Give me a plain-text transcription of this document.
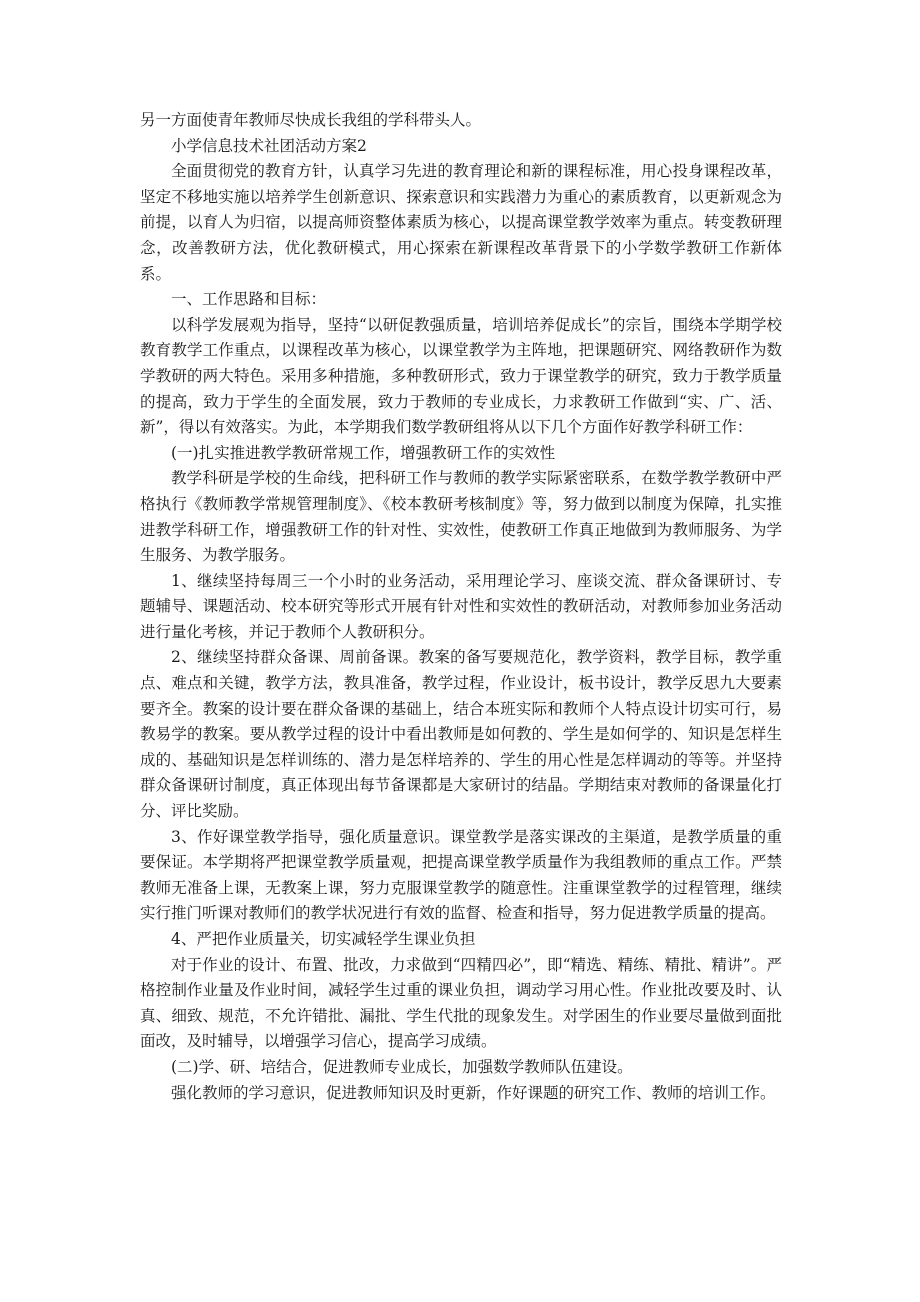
另一方面使青年教师尽快成长我组的学科带头人。

小学信息技术社团活动方案2

全面贯彻党的教育方针，认真学习先进的教育理论和新的课程标准，用心投身课程改革，坚定不移地实施以培养学生创新意识、探索意识和实践潜力为重心的素质教育，以更新观念为前提，以育人为归宿，以提高师资整体素质为核心，以提高课堂教学效率为重点。转变教研理念，改善教研方法，优化教研模式，用心探索在新课程改革背景下的小学数学教研工作新体系。

一、工作思路和目标：

以科学发展观为指导，坚持“以研促教强质量，培训培养促成长”的宗旨，围绕本学期学校教育教学工作重点，以课程改革为核心，以课堂教学为主阵地，把课题研究、网络教研作为数学教研的两大特色。采用多种措施，多种教研形式，致力于课堂教学的研究，致力于教学质量的提高，致力于学生的全面发展，致力于教师的专业成长，力求教研工作做到“实、广、活、新”，得以有效落实。为此，本学期我们数学教研组将从以下几个方面作好教学科研工作：

(一)扎实推进教学教研常规工作，增强教研工作的实效性

教学科研是学校的生命线，把科研工作与教师的教学实际紧密联系，在数学教学教研中严格执行《教师教学常规管理制度》、《校本教研考核制度》等，努力做到以制度为保障，扎实推进教学科研工作，增强教研工作的针对性、实效性，使教研工作真正地做到为教师服务、为学生服务、为教学服务。

1、继续坚持每周三一个小时的业务活动，采用理论学习、座谈交流、群众备课研讨、专题辅导、课题活动、校本研究等形式开展有针对性和实效性的教研活动，对教师参加业务活动进行量化考核，并记于教师个人教研积分。

2、继续坚持群众备课、周前备课。教案的备写要规范化，教学资料，教学目标，教学重点、难点和关键，教学方法，教具准备，教学过程，作业设计，板书设计，教学反思九大要素要齐全。教案的设计要在群众备课的基础上，结合本班实际和教师个人特点设计切实可行，易教易学的教案。要从教学过程的设计中看出教师是如何教的、学生是如何学的、知识是怎样生成的、基础知识是怎样训练的、潜力是怎样培养的、学生的用心性是怎样调动的等等。并坚持群众备课研讨制度，真正体现出每节备课都是大家研讨的结晶。学期结束对教师的备课量化打分、评比奖励。

3、作好课堂教学指导，强化质量意识。课堂教学是落实课改的主渠道，是教学质量的重要保证。本学期将严把课堂教学质量观，把提高课堂教学质量作为我组教师的重点工作。严禁教师无准备上课，无教案上课，努力克服课堂教学的随意性。注重课堂教学的过程管理，继续实行推门听课对教师们的教学状况进行有效的监督、检查和指导，努力促进教学质量的提高。

4、严把作业质量关，切实减轻学生课业负担

对于作业的设计、布置、批改，力求做到“四精四必”，即“精选、精练、精批、精讲”。严格控制作业量及作业时间，减轻学生过重的课业负担，调动学习用心性。作业批改要及时、认真、细致、规范，不允许错批、漏批、学生代批的现象发生。对学困生的作业要尽量做到面批面改，及时辅导，以增强学习信心，提高学习成绩。

(二)学、研、培结合，促进教师专业成长，加强数学教师队伍建设。

强化教师的学习意识，促进教师知识及时更新，作好课题的研究工作、教师的培训工作。
